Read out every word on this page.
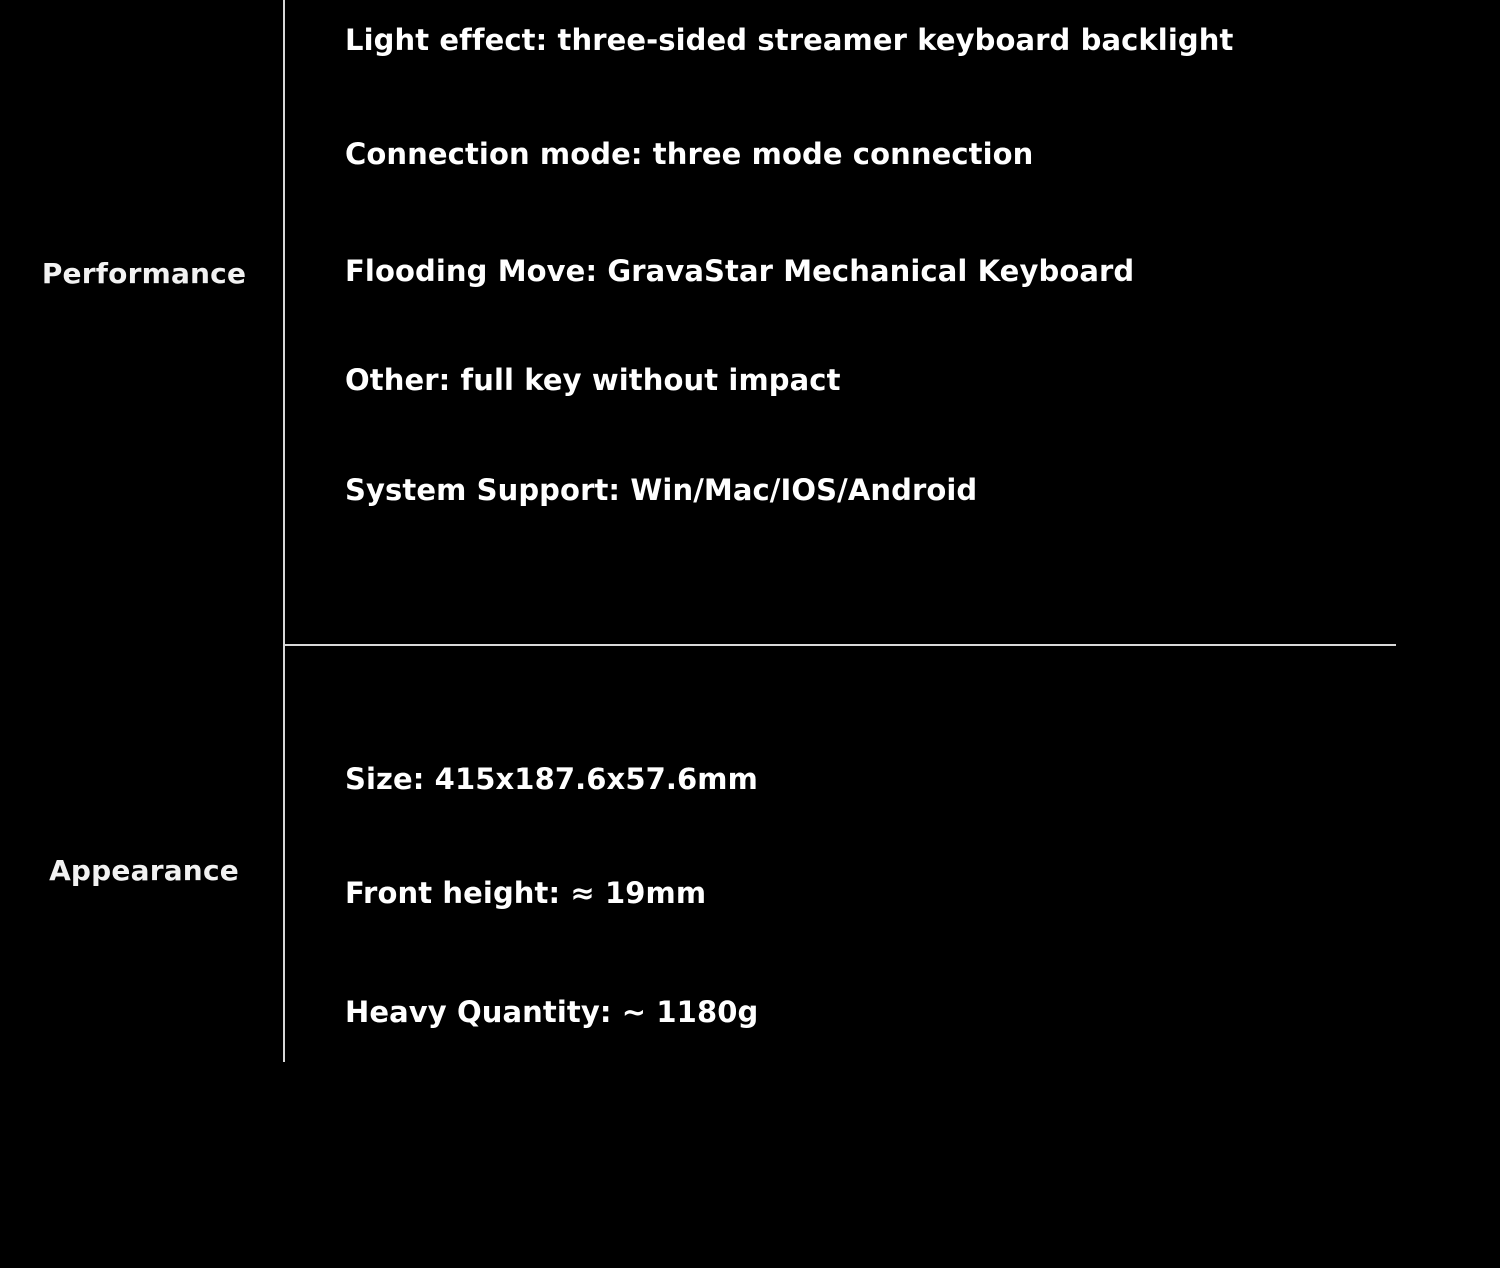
Performance
Light effect: three-sided streamer keyboard backlight
Connection mode: three mode connection
Flooding Move: GravaStar Mechanical Keyboard
Other: full key without impact
System Support: Win/Mac/IOS/Android
Appearance
Size: 415x187.6x57.6mm
Front height: ≈ 19mm
Heavy Quantity: ~ 1180g
